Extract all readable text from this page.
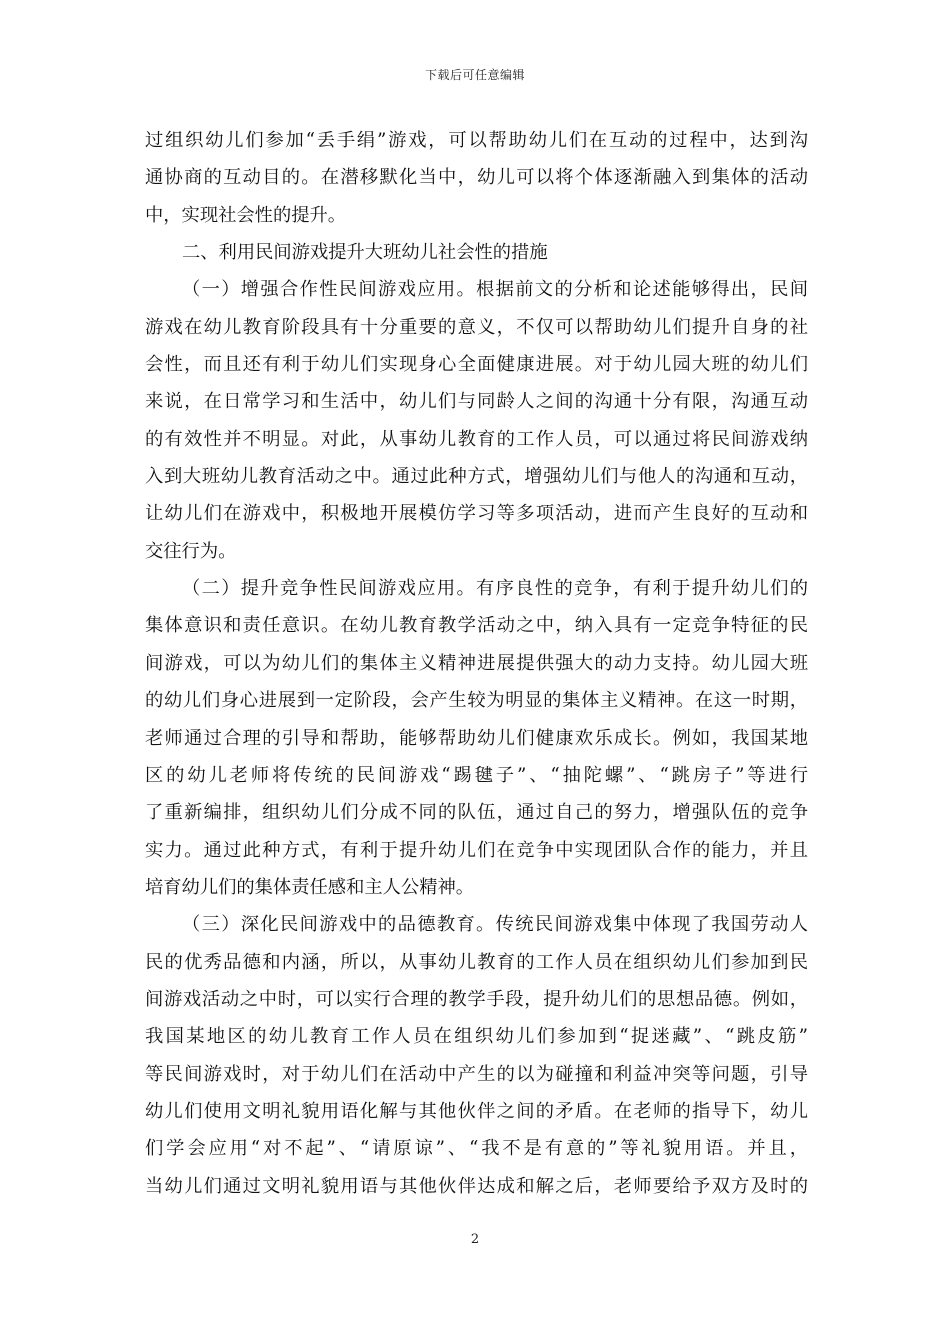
下载后可任意编辑
过组织幼儿们参加“丢手绢”游戏，可以帮助幼儿们在互动的过程中，达到沟
通协商的互动目的。在潜移默化当中，幼儿可以将个体逐渐融入到集体的活动
中，实现社会性的提升。
二、利用民间游戏提升大班幼儿社会性的措施
（一）增强合作性民间游戏应用。根据前文的分析和论述能够得出，民间
游戏在幼儿教育阶段具有十分重要的意义，不仅可以帮助幼儿们提升自身的社
会性，而且还有利于幼儿们实现身心全面健康进展。对于幼儿园大班的幼儿们
来说，在日常学习和生活中，幼儿们与同龄人之间的沟通十分有限，沟通互动
的有效性并不明显。对此，从事幼儿教育的工作人员，可以通过将民间游戏纳
入到大班幼儿教育活动之中。通过此种方式，增强幼儿们与他人的沟通和互动，
让幼儿们在游戏中，积极地开展模仿学习等多项活动，进而产生良好的互动和
交往行为。
（二）提升竞争性民间游戏应用。有序良性的竞争，有利于提升幼儿们的
集体意识和责任意识。在幼儿教育教学活动之中，纳入具有一定竞争特征的民
间游戏，可以为幼儿们的集体主义精神进展提供强大的动力支持。幼儿园大班
的幼儿们身心进展到一定阶段，会产生较为明显的集体主义精神。在这一时期，
老师通过合理的引导和帮助，能够帮助幼儿们健康欢乐成长。例如，我国某地
区的幼儿老师将传统的民间游戏“踢毽子”、“抽陀螺”、“跳房子”等进行
了重新编排，组织幼儿们分成不同的队伍，通过自己的努力，增强队伍的竞争
实力。通过此种方式，有利于提升幼儿们在竞争中实现团队合作的能力，并且
培育幼儿们的集体责任感和主人公精神。
（三）深化民间游戏中的品德教育。传统民间游戏集中体现了我国劳动人
民的优秀品德和内涵，所以，从事幼儿教育的工作人员在组织幼儿们参加到民
间游戏活动之中时，可以实行合理的教学手段，提升幼儿们的思想品德。例如，
我国某地区的幼儿教育工作人员在组织幼儿们参加到“捉迷藏”、“跳皮筋”
等民间游戏时，对于幼儿们在活动中产生的以为碰撞和利益冲突等问题，引导
幼儿们使用文明礼貌用语化解与其他伙伴之间的矛盾。在老师的指导下，幼儿
们学会应用“对不起”、“请原谅”、“我不是有意的”等礼貌用语。并且，
当幼儿们通过文明礼貌用语与其他伙伴达成和解之后，老师要给予双方及时的
2
